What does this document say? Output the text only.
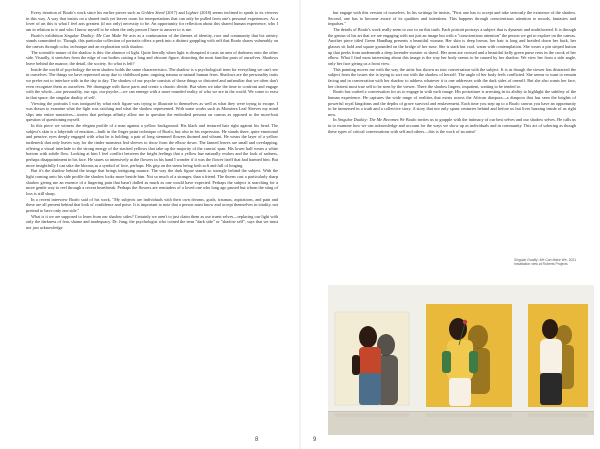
Every iteration of Boafo's work since his earlier pieces such as Golden Steed (2017) and Lighter (2018) seems inclined to speak to its viewers in this way. A way that insists on a shared truth yet leaves room for interpretations that can only be pulled from one's personal experiences. As a lover of art this is what I feel arts greatest (if not only) necessity to be. An opportunity for reflection about this shared human experience, who I am in relation to it and who I know myself to be when the only person I have to answer to is me.

Boafo's exhibition Singular Duality: Me Can Make We acts as a continuation of the themes of identity, race and community that his artistry stands committed to. Though, this particular collection of portraits offers a peek into a distinct grappling with self that Boafo shares vulnerably on the canvas through color, technique and an exploration with shadow.

The scientific nature of the shadow is this: the absence of light. Quite literally when light is disrupted it casts an area of darkness onto the other side. Visually, it stretches from the edge of our bodies casting a long and obscure figure, distorting the most familiar parts of ourselves. Shadows leave behind the nuance, the detail, the society. So what is left?

Inside the world of psychology the term shadow holds the same characteristics. The shadow is a psychological term for everything we can't see in ourselves. The things we have repressed away due to childhood pain, ongoing trauma or natural human fears. Shadows are the personality traits we prefer not to interface with in the day to day. The shadow of our psyche consists of those things so distorted and unfamiliar that we often don't even recognize them as ourselves. We disengage with those parts and create a chaotic divide. But when we take the time to confront and engage with the whole—our personality, our ego, our psyche—we can emerge with a more rounded reality of who we are in the world. We come to exist in that space, the singular duality of self.

Viewing the portraits I was intrigued by what each figure was trying to illustrate to themselves as well as what they were trying to escape. I was drawn to examine what the light was catching and what the shadow represented. With some works such as Monstera Leaf Sleeves my mind slips into entire narratives—stories that perhaps affinity allow me to question the embodied persona on canvas as opposed to the more-knit question of questioning myself.

In this piece we witness the elegant profile of a man against a yellow background. His black and textured hair right against his head. The subject's skin is a labyrinth of emotion—built in the finger paint technique of Boafo, but also in his expression. He stands there, quite emotional and pensive, eyes deeply engaged with what he is holding; a pair of long stemmed flowers thorned and vibrant. He wears the layer of a yellow turtleneck that only leaves way for the tinder monstera leaf sleeves to show from the elbow down. The fanned leaves are small and overlapping, offering a visual interlude to the strong energy of the stacked yellows that take up the majority of the canvas' span. His lower half wears a white bottom with subtle flow. Looking at him I feel conflict between the bright feelings that a yellow hue naturally evokes and the look of sadness, perhaps disappointment in his face. He stares so intensively at the flowers in his hand I wonder if it was the flower itself that had harmed him. But more insightfully I can take the blooms as a symbol of love, perhaps. His grip on the stems being both soft and full of longing.

But it's the shadow behind the image that brings intriguing nuance. The way the dark figure stands so strongly behind the subject. With the light coming onto his side profile the shadow looks more beside him. Not so much of a stranger, than a friend. The thorns cast a particularly sharp shadow giving me an essence of a lingering pain that hasn't dulled as much as one would have expected. Perhaps the subject is searching for a more gentle way to reel through a recent heartbreak. Perhaps the flowers are reminders of a loved one who long ago passed but whom the sting of loss is still sharp.

In a recent interview Boafo said of his work, "My subjects are individuals with their own dreams, goals, traumas, aspirations, and pain and these are all present behind that look of confidence and poise. It is important to note that a person must know and accept themselves in totality, not pretend to have only one side."

What is it we are supposed to learn from our shadow sides? Certainly we aren't to just claim them as our truest selves—replacing our light with only the darkness of fear, shame and inadequacy. Dr. Jung, the psychologist who coined the term "dark side" or "shadow self", says that we must not just acknowledge

8

but engage with this version of ourselves. In his writings he insists, "First one has to accept and take seriously the existence of the shadow. Second, one has to become aware of its qualities and intentions. This happens through conscientious attention to moods, fantasies and impulses."

The details of Boafo's work really seem to zoo in on this truth. Each portrait portrays a subject that is dynamic and multifaceted. It is through the genius of his art that we are engaging with not just an image but with a "conscientious attention" the person we get to explore on the canvas. Another piece titled Green Handbag presents a beautiful woman. Her skin is deep brown, her hair is long and braided down her back, her glasses sit bold and square grounded on the bridge of her nose. She is stark but cool, warm with contemplation. She wears a pin striped button up that peeks from underneath a deep lavender sweater or shawl. Her arms are crossed and a beautiful kelly green purse rests in the crook of her elbow. What I find most interesting about this image is the way her body seems to be caused by her shadow. We view her from a side angle, only her face giving us a front view.

This painting moves me with the way the artist has shown us into conversation with the subject. It is as though the viewer has distracted the subject from the issues she is trying to sort out with the shadow of herself. The angle of her body feels conflicted. She seems to want to remain facing and in conversation with her shadow to address whatever it is one addresses with the dark sides of oneself. But she also wants her face, her clearest most true self to be seen by the viewer. There the shadow lingers, impatient, waiting to be tended to.

Boafo has crafted a conversation for us to engage in with each image. His portraiture is arresting in its ability to highlight the subtlety of the human experience. He captures the wide range of realities that exists across the African diaspora—a diaspora that has seen the heights of powerful royal kingdoms and the depths of grave survival and enslavement. Each time you step up to a Boafo canvas you have an opportunity to be immersed in a truth and a collective story. A story that not only spans centuries behind and before us but lives buzzing inside of us right now.

In Singular Duality: The Me Becomes We Boafo invites us to grapple with the intimacy of our best selves and our shadow selves. He calls us in to examine how we can acknowledge and account for the ways we show up as individuals and in community. This act of sobering as though these types of critical conversations with self and others—this is the work of an artist!

Singular Duality: Me Can Make We, 2021
Installation view at Roberts Projects
9
